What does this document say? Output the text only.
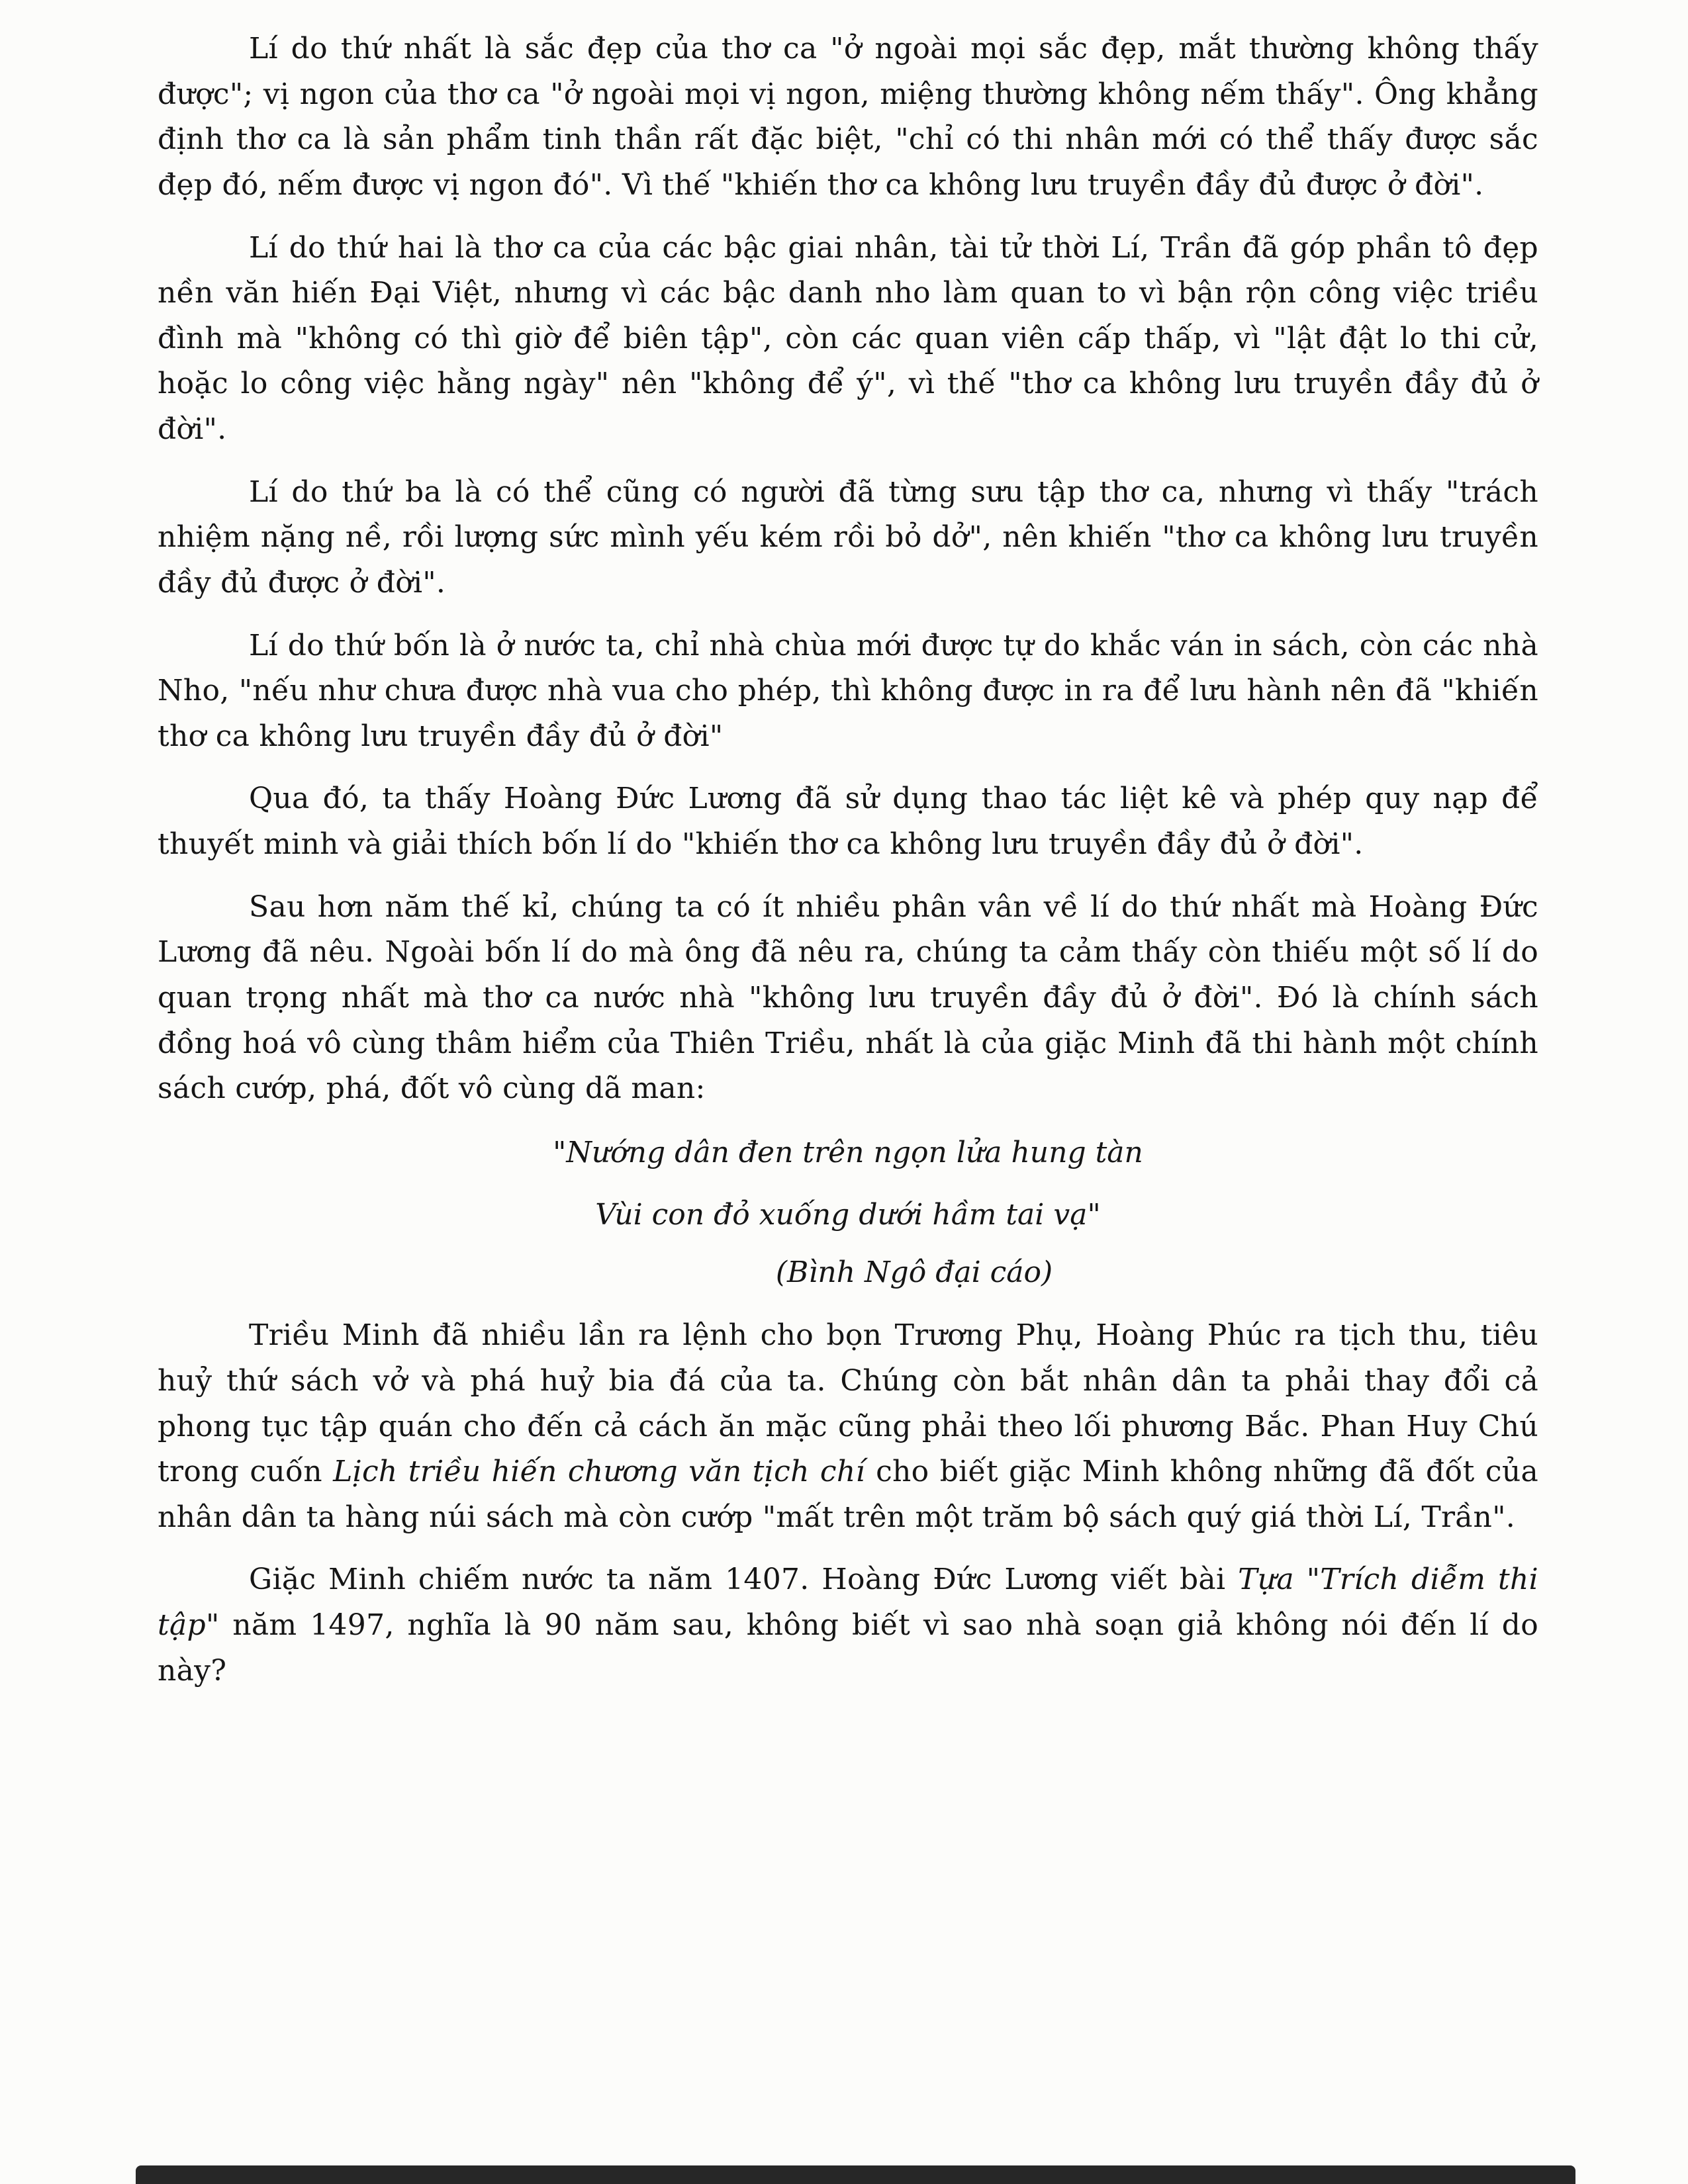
Lí do thứ nhất là sắc đẹp của thơ ca "ở ngoài mọi sắc đẹp, mắt thường không thấy được"; vị ngon của thơ ca "ở ngoài mọi vị ngon, miệng thường không nếm thấy". Ông khẳng định thơ ca là sản phẩm tinh thần rất đặc biệt, "chỉ có thi nhân mới có thể thấy được sắc đẹp đó, nếm được vị ngon đó". Vì thế "khiến thơ ca không lưu truyền đầy đủ được ở đời".

Lí do thứ hai là thơ ca của các bậc giai nhân, tài tử thời Lí, Trần đã góp phần tô đẹp nền văn hiến Đại Việt, nhưng vì các bậc danh nho làm quan to vì bận rộn công việc triều đình mà "không có thì giờ để biên tập", còn các quan viên cấp thấp, vì "lật đật lo thi cử, hoặc lo công việc hằng ngày" nên "không để ý", vì thế "thơ ca không lưu truyền đầy đủ ở đời".

Lí do thứ ba là có thể cũng có người đã từng sưu tập thơ ca, nhưng vì thấy "trách nhiệm nặng nề, rồi lượng sức mình yếu kém rồi bỏ dở", nên khiến "thơ ca không lưu truyền đầy đủ được ở đời".

Lí do thứ bốn là ở nước ta, chỉ nhà chùa mới được tự do khắc ván in sách, còn các nhà Nho, "nếu như chưa được nhà vua cho phép, thì không được in ra để lưu hành nên đã "khiến thơ ca không lưu truyền đầy đủ ở đời"

Qua đó, ta thấy Hoàng Đức Lương đã sử dụng thao tác liệt kê và phép quy nạp để thuyết minh và giải thích bốn lí do "khiến thơ ca không lưu truyền đầy đủ ở đời".

Sau hơn năm thế kỉ, chúng ta có ít nhiều phân vân về lí do thứ nhất mà Hoàng Đức Lương đã nêu. Ngoài bốn lí do mà ông đã nêu ra, chúng ta cảm thấy còn thiếu một số lí do quan trọng nhất mà thơ ca nước nhà "không lưu truyền đầy đủ ở đời". Đó là chính sách đồng hoá vô cùng thâm hiểm của Thiên Triều, nhất là của giặc Minh đã thi hành một chính sách cướp, phá, đốt vô cùng dã man:

"Nướng dân đen trên ngọn lửa hung tàn
Vùi con đỏ xuống dưới hầm tai vạ"
(Bình Ngô đại cáo)

Triều Minh đã nhiều lần ra lệnh cho bọn Trương Phụ, Hoàng Phúc ra tịch thu, tiêu huỷ thứ sách vở và phá huỷ bia đá của ta. Chúng còn bắt nhân dân ta phải thay đổi cả phong tục tập quán cho đến cả cách ăn mặc cũng phải theo lối phương Bắc. Phan Huy Chú trong cuốn Lịch triều hiến chương văn tịch chí cho biết giặc Minh không những đã đốt của nhân dân ta hàng núi sách mà còn cướp "mất trên một trăm bộ sách quý giá thời Lí, Trần".

Giặc Minh chiếm nước ta năm 1407. Hoàng Đức Lương viết bài Tựa "Trích diễm thi tập" năm 1497, nghĩa là 90 năm sau, không biết vì sao nhà soạn giả không nói đến lí do này?
